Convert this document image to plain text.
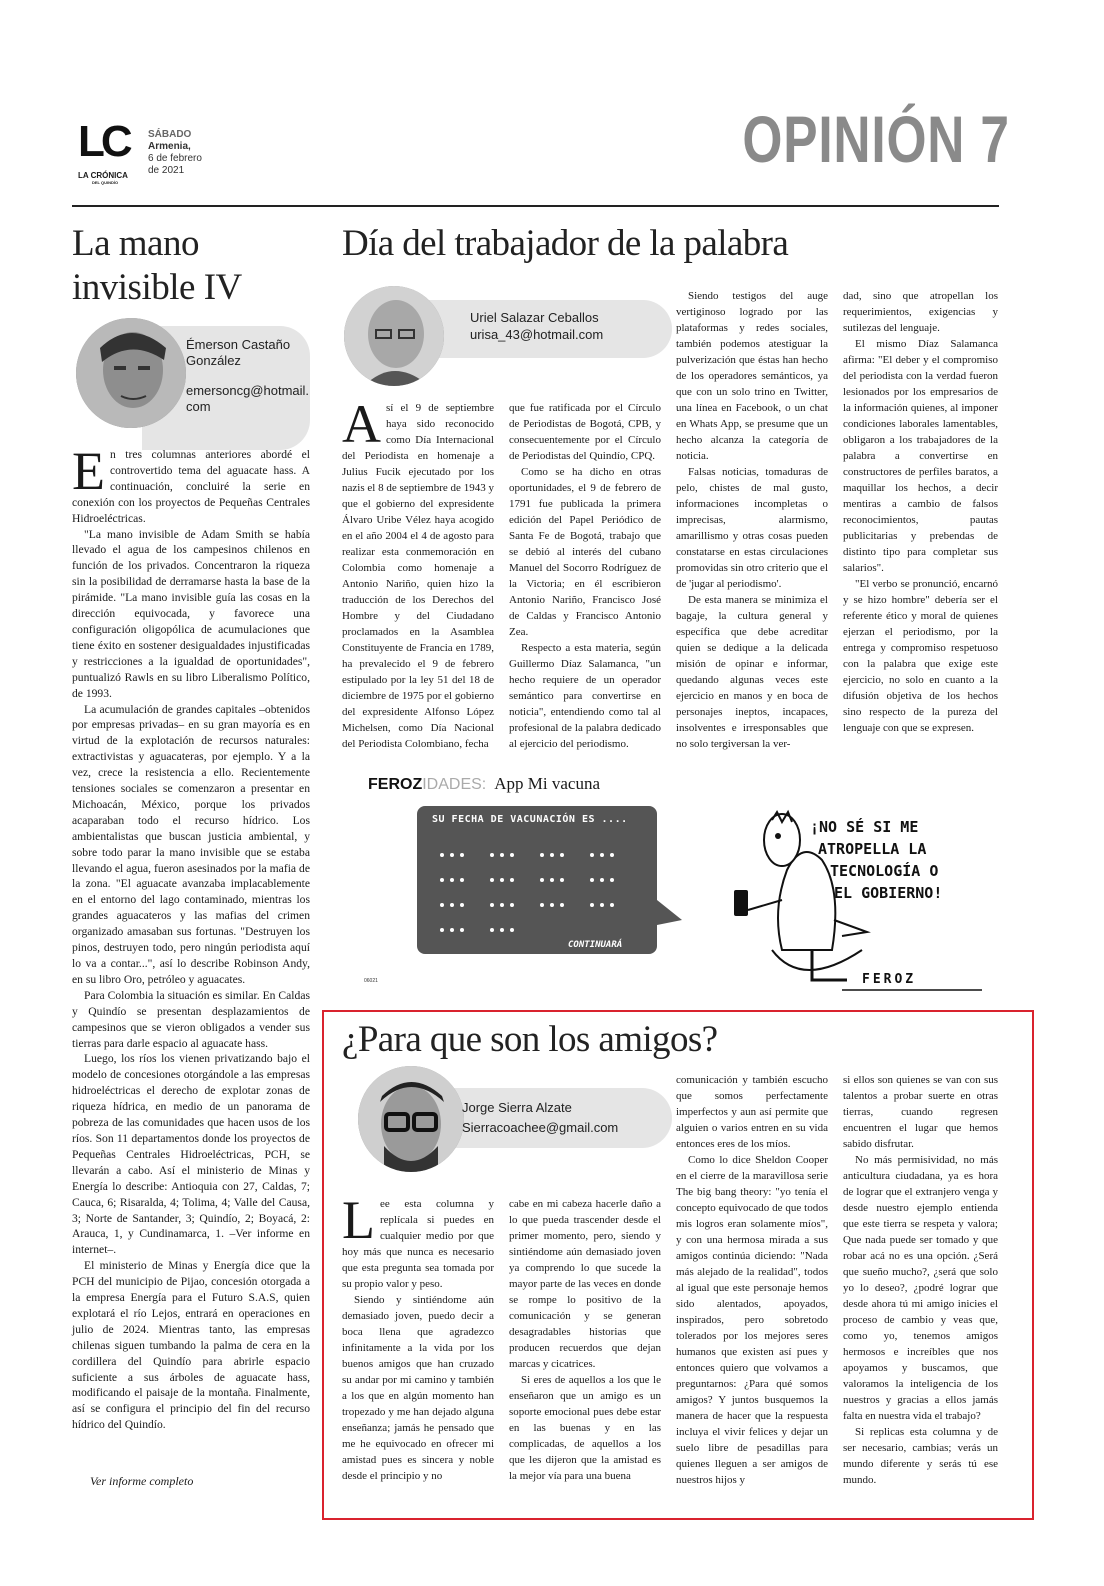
LC
LA CRÓNICA
DEL QUINDÍO
SÁBADO
Armenia,
6 de febrero
de 2021	OPINIÓN 7
La mano
invisible IV
Émerson Castaño
González
emersoncg@hotmail.
com

En tres columnas anteriores abordé el controvertido tema del aguacate hass. A continuación, concluiré la serie en conexión con los proyectos de Pequeñas Centrales Hidroeléctricas.

"La mano invisible de Adam Smith se había llevado el agua de los campesinos chilenos en función de los privados. Concentraron la riqueza sin la posibilidad de derramarse hasta la base de la pirámide. "La mano invisible guía las cosas en la dirección equivocada, y favorece una configuración oligopólica de acumulaciones que tiene éxito en sostener desigualdades injustificadas y restricciones a la igualdad de oportunidades", puntualizó Rawls en su libro Liberalismo Político, de 1993.

La acumulación de grandes capitales –obtenidos por empresas privadas– en su gran mayoría es en virtud de la explotación de recursos naturales: extractivistas y aguacateras, por ejemplo. Y a la vez, crece la resistencia a ello. Recientemente tensiones sociales se comenzaron a presentar en Michoacán, México, porque los privados acaparaban todo el recurso hídrico. Los ambientalistas que buscan justicia ambiental, y sobre todo parar la mano invisible que se estaba llevando el agua, fueron asesinados por la mafia de la zona. "El aguacate avanzaba implacablemente en el entorno del lago contaminado, mientras los grandes aguacateros y las mafias del crimen organizado amasaban sus fortunas. "Destruyen los pinos, destruyen todo, pero ningún periodista aquí lo va a contar...", así lo describe Robinson Andy, en su libro Oro, petróleo y aguacates.

Para Colombia la situación es similar. En Caldas y Quindío se presentan desplazamientos de campesinos que se vieron obligados a vender sus tierras para darle espacio al aguacate hass.

Luego, los ríos los vienen privatizando bajo el modelo de concesiones otorgándole a las empresas hidroeléctricas el derecho de explotar zonas de riqueza hídrica, en medio de un panorama de pobreza de las comunidades que hacen usos de los ríos. Son 11 departamentos donde los proyectos de Pequeñas Centrales Hidroeléctricas, PCH, se llevarán a cabo. Así el ministerio de Minas y Energía lo describe: Antioquia con 27, Caldas, 7; Cauca, 6; Risaralda, 4; Tolima, 4; Valle del Causa, 3; Norte de Santander, 3; Quindío, 2; Boyacá, 2: Arauca, 1, y Cundinamarca, 1. –Ver informe en internet–.

El ministerio de Minas y Energía dice que la PCH del municipio de Pijao, concesión otorgada a la empresa Energía para el Futuro S.A.S, quien explotará el río Lejos, entrará en operaciones en julio de 2024. Mientras tanto, las empresas chilenas siguen tumbando la palma de cera en la cordillera del Quindío para abrirle espacio suficiente a sus árboles de aguacate hass, modificando el paisaje de la montaña. Finalmente, así se configura el principio del fin del recurso hídrico del Quindío.

Ver informe completo
Día del trabajador de la palabra
Uriel Salazar Ceballos
urisa_43@hotmail.com

Así el 9 de septiembre haya sido reconocido como Día Internacional del Periodista en homenaje a Julius Fucik ejecutado por los nazis el 8 de septiembre de 1943 y que el gobierno del expresidente Álvaro Uribe Vélez haya acogido en el año 2004 el 4 de agosto para realizar esta conmemoración en Colombia como homenaje a Antonio Nariño, quien hizo la traducción de los Derechos del Hombre y del Ciudadano proclamados en la Asamblea Constituyente de Francia en 1789, ha prevalecido el 9 de febrero estipulado por la ley 51 del 18 de diciembre de 1975 por el gobierno del expresidente Alfonso López Michelsen, como Día Nacional del Periodista Colombiano, fecha

que fue ratificada por el Círculo de Periodistas de Bogotá, CPB, y consecuentemente por el Círculo de Periodistas del Quindío, CPQ.

Como se ha dicho en otras oportunidades, el 9 de febrero de 1791 fue publicada la primera edición del Papel Periódico de Santa Fe de Bogotá, trabajo que se debió al interés del cubano Manuel del Socorro Rodríguez de la Victoria; en él escribieron Antonio Nariño, Francisco José de Caldas y Francisco Antonio Zea.

Respecto a esta materia, según Guillermo Díaz Salamanca, "un hecho requiere de un operador semántico para convertirse en noticia", entendiendo como tal al profesional de la palabra dedicado al ejercicio del periodismo.

Siendo testigos del auge vertiginoso logrado por las plataformas y redes sociales, también podemos atestiguar la pulverización que éstas han hecho de los operadores semánticos, ya que con un solo trino en Twitter, una línea en Facebook, o un chat en Whats App, se presume que un hecho alcanza la categoría de noticia.

Falsas noticias, tomaduras de pelo, chistes de mal gusto, informaciones incompletas o imprecisas, alarmismo, amarillismo y otras cosas pueden constatarse en estas circulaciones promovidas sin otro criterio que el de 'jugar al periodismo'.

De esta manera se minimiza el bagaje, la cultura general y específica que debe acreditar quien se dedique a la delicada misión de opinar e informar, quedando algunas veces este ejercicio en manos y en boca de personajes ineptos, incapaces, insolventes e irresponsables que no solo tergiversan la ver-

dad, sino que atropellan los requerimientos, exigencias y sutilezas del lenguaje.

El mismo Díaz Salamanca afirma: "El deber y el compromiso del periodista con la verdad fueron lesionados por los empresarios de la información quienes, al imponer condiciones laborales lamentables, obligaron a los trabajadores de la palabra a convertirse en constructores de perfiles baratos, a maquillar los hechos, a decir mentiras a cambio de falsos reconocimientos, pautas publicitarias y prebendas de distinto tipo para completar sus salarios".

"El verbo se pronunció, encarnó y se hizo hombre" debería ser el referente ético y moral de quienes ejerzan el periodismo, por la entrega y compromiso respetuoso con la palabra que exige este ejercicio, no solo en cuanto a la difusión objetiva de los hechos sino respecto de la pureza del lenguaje con que se expresen.

FEROZIDADES: App Mi vacuna
SU FECHA DE VACUNACIÓN ES ....
CONTINUARÁ
¡NO SÉ SI ME
ATROPELLA LA
TECNOLOGÍA O
EL GOBIERNO!
06021	FEROZ
¿Para que son los amigos?
Jorge Sierra Alzate
Sierracoachee@gmail.com

Lee esta columna y replícala si puedes en cualquier medio por que hoy más que nunca es necesario que esta pregunta sea tomada por su propio valor y peso.

Siendo y sintiéndome aún demasiado joven, puedo decir a boca llena que agradezco infinitamente a la vida por los buenos amigos que han cruzado su andar por mi camino y también a los que en algún momento han tropezado y me han dejado alguna enseñanza; jamás he pensado que me he equivocado en ofrecer mi amistad pues es sincera y noble desde el principio y no

cabe en mi cabeza hacerle daño a lo que pueda trascender desde el primer momento, pero, siendo y sintiéndome aún demasiado joven ya comprendo lo que sucede la mayor parte de las veces en donde se rompe lo positivo de la comunicación y se generan desagradables historias que producen recuerdos que dejan marcas y cicatrices.

Si eres de aquellos a los que le enseñaron que un amigo es un soporte emocional pues debe estar en las buenas y en las complicadas, de aquellos a los que les dijeron que la amistad es la mejor vía para una buena

comunicación y también escucho que somos perfectamente imperfectos y aun así permite que alguien o varios entren en su vida entonces eres de los míos.

Como lo dice Sheldon Cooper en el cierre de la maravillosa serie The big bang theory: "yo tenía el concepto equivocado de que todos mis logros eran solamente míos", y con una hermosa mirada a sus amigos continúa diciendo: "Nada más alejado de la realidad", todos al igual que este personaje hemos sido alentados, apoyados, inspirados, pero sobretodo tolerados por los mejores seres humanos que existen así pues y entonces quiero que volvamos a preguntarnos: ¿Para qué somos amigos? Y juntos busquemos la manera de hacer que la respuesta incluya el vivir felices y dejar un suelo libre de pesadillas para quienes lleguen a ser amigos de nuestros hijos y

si ellos son quienes se van con sus talentos a probar suerte en otras tierras, cuando regresen encuentren el lugar que hemos sabido disfrutar.

No más permisividad, no más anticultura ciudadana, ya es hora de lograr que el extranjero venga y desde nuestro ejemplo entienda que este tierra se respeta y valora; Que nada puede ser tomado y que robar acá no es una opción. ¿Será que sueño mucho?, ¿será que solo yo lo deseo?, ¿podré lograr que desde ahora tú mi amigo inicies el proceso de cambio y veas que, como yo, tenemos amigos hermosos e increíbles que nos apoyamos y buscamos, que valoramos la inteligencia de los nuestros y gracias a ellos jamás falta en nuestra vida el trabajo?

Si replicas esta columna y de ser necesario, cambias; verás un mundo diferente y serás tú ese mundo.
